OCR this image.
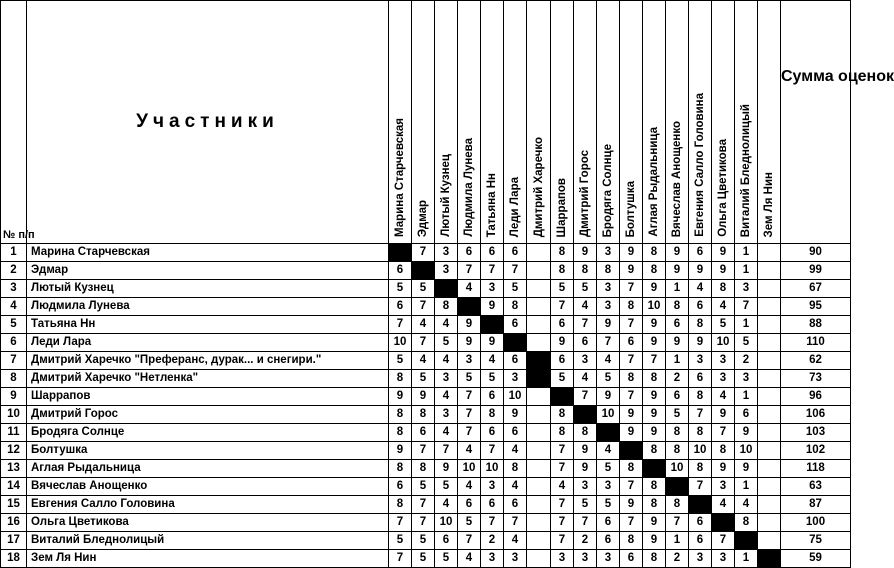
№ п/п	Участники	Марина Старчевская	Эдмар	Лютый Кузнец	Людмила Лунева	Татьяна Нн	Леди Лара	Дмитрий Харечко	Шаррапов	Дмитрий Горос	Бродяга Солнце	Болтушка	Аглая Рыдальница	Вячеслав Анощенко	Евгения Салло Головина	Ольга Цветикова	Виталий Бледнолицый	Зем Ля Нин	Сумма оценок
1	Марина Старчевская		7	3	6	6	6		8	9	3	9	8	9	6	9	1		90
2	Эдмар	6		3	7	7	7		8	8	8	9	8	9	9	9	1		99
3	Лютый Кузнец	5	5		4	3	5		5	5	3	7	9	1	4	8	3		67
4	Людмила Лунева	6	7	8		9	8		7	4	3	8	10	8	6	4	7		95
5	Татьяна Нн	7	4	4	9		6		6	7	9	7	9	6	8	5	1		88
6	Леди Лара	10	7	5	9	9			9	6	7	6	9	9	9	10	5		110
7	Дмитрий Харечко "Преферанс, дурак... и снегири."	5	4	4	3	4	6		6	3	4	7	7	1	3	3	2		62
8	Дмитрий Харечко "Нетленка"	8	5	3	5	5	3		5	4	5	8	8	2	6	3	3		73
9	Шаррапов	9	9	4	7	6	10			7	9	7	9	6	8	4	1		96
10	Дмитрий Горос	8	8	3	7	8	9		8		10	9	9	5	7	9	6		106
11	Бродяга Солнце	8	6	4	7	6	6		8	8		9	9	8	8	7	9		103
12	Болтушка	9	7	7	4	7	4		7	9	4		8	8	10	8	10		102
13	Аглая Рыдальница	8	8	9	10	10	8		7	9	5	8		10	8	9	9		118
14	Вячеслав Анощенко	6	5	5	4	3	4		4	3	3	7	8		7	3	1		63
15	Евгения Салло Головина	8	7	4	6	6	6		7	5	5	9	8	8		4	4		87
16	Ольга Цветикова	7	7	10	5	7	7		7	7	6	7	9	7	6		8		100
17	Виталий Бледнолицый	5	5	6	7	2	4		7	2	6	8	9	1	6	7			75
18	Зем Ля Нин	7	5	5	4	3	3		3	3	3	6	8	2	3	3	1		59
